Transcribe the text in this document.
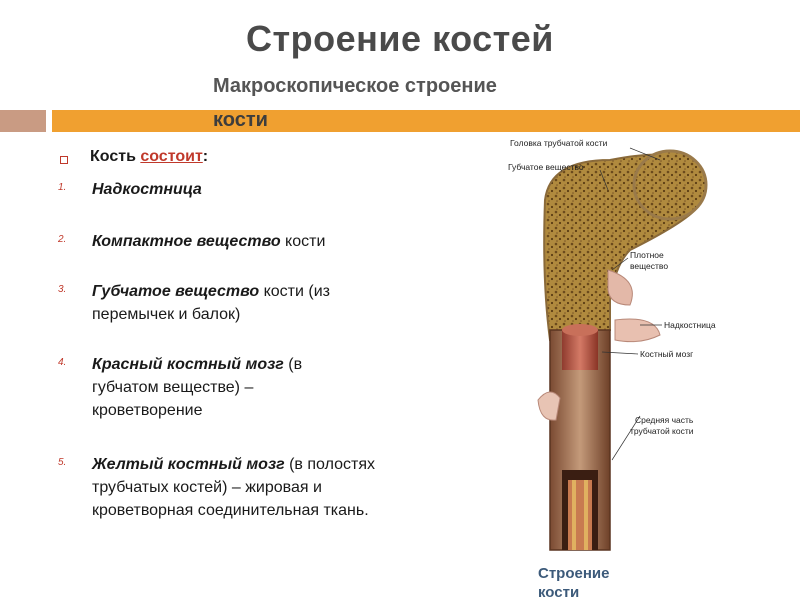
Строение костей
Макроскопическое строение
кости
Кость состоит:
1. Надкостница
2. Компактное вещество кости
3. Губчатое вещество кости (из перемычек и балок)
4. Красный костный мозг (в губчатом веществе) – кроветворение
5. Желтый костный мозг (в полостях трубчатых костей) – жировая и кроветворная соединительная ткань.
Головка трубчатой кости
Губчатое вещество
Плотное
вещество
Надкостница
Костный мозг
Средняя часть
трубчатой кости
Строение
кости
